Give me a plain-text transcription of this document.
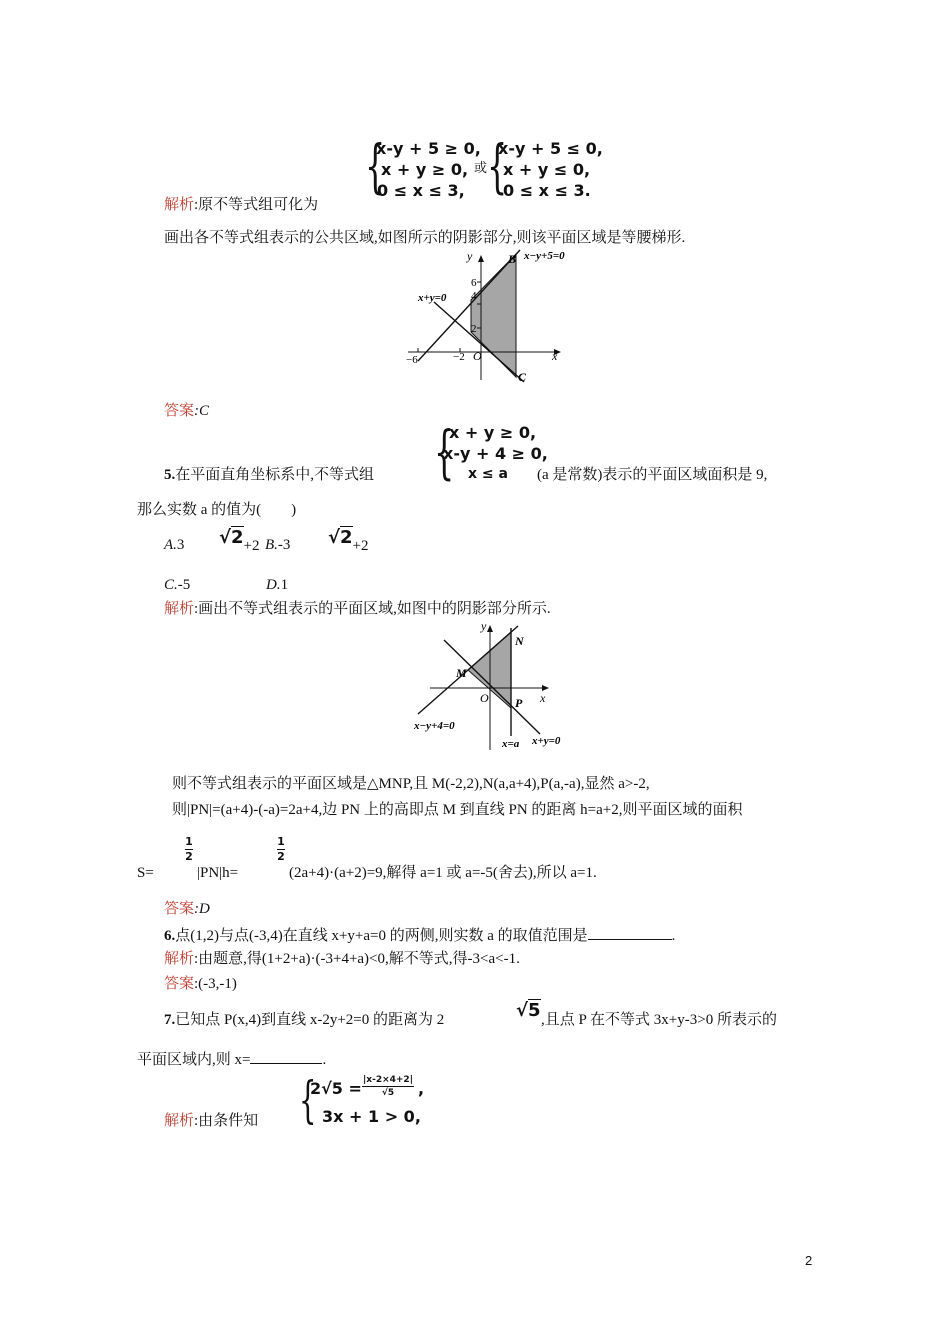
{
x-y + 5 ≥ 0,
x + y ≥ 0,
0 ≤ x ≤ 3,
或 {
x-y + 5 ≤ 0,
x + y ≤ 0,
0 ≤ x ≤ 3.
解析:原不等式组可化为
画出各不等式组表示的公共区域,如图所示的阴影部分,则该平面区域是等腰梯形.
y
x
O
B
C
x−y+5=0
x+y=0
6
4
2
−6	−2
答案:C
{
x + y ≥ 0,
x-y + 4 ≥ 0,
x ≤ a
5.在平面直角坐标系中,不等式组	(a 是常数)表示的平面区域面积是 9,
那么实数 a 的值为(　　)
A.3 √2+2 B.-3 √2+2
C.-5	D.1
解析:画出不等式组表示的平面区域,如图中的阴影部分所示.
y
x
O
N
M
P
x−y+4=0
x=a x+y=0
则不等式组表示的平面区域是△MNP,且 M(-2,2),N(a,a+4),P(a,-a),显然 a>-2,
则|PN|=(a+4)-(-a)=2a+4,边 PN 上的高即点 M 到直线 PN 的距离 h=a+2,则平面区域的面积
S=
1
2
|PN|h=
1
2
(2a+4)·(a+2)=9,解得 a=1 或 a=-5(舍去),所以 a=1.
答案:D
6.点(1,2)与点(-3,4)在直线 x+y+a=0 的两侧,则实数 a 的取值范围是	.
解析:由题意,得(1+2+a)·(-3+4+a)<0,解不等式,得-3<a<-1.
答案:(-3,-1)
7.已知点 P(x,4)到直线 x-2y+2=0 的距离为 2	√5 ,且点 P 在不等式 3x+y-3>0 所表示的
平面区域内,则 x=	.
{
2√5 = |x-2×4+2|
√5	,
3x + 1 > 0,
解析:由条件知
2
